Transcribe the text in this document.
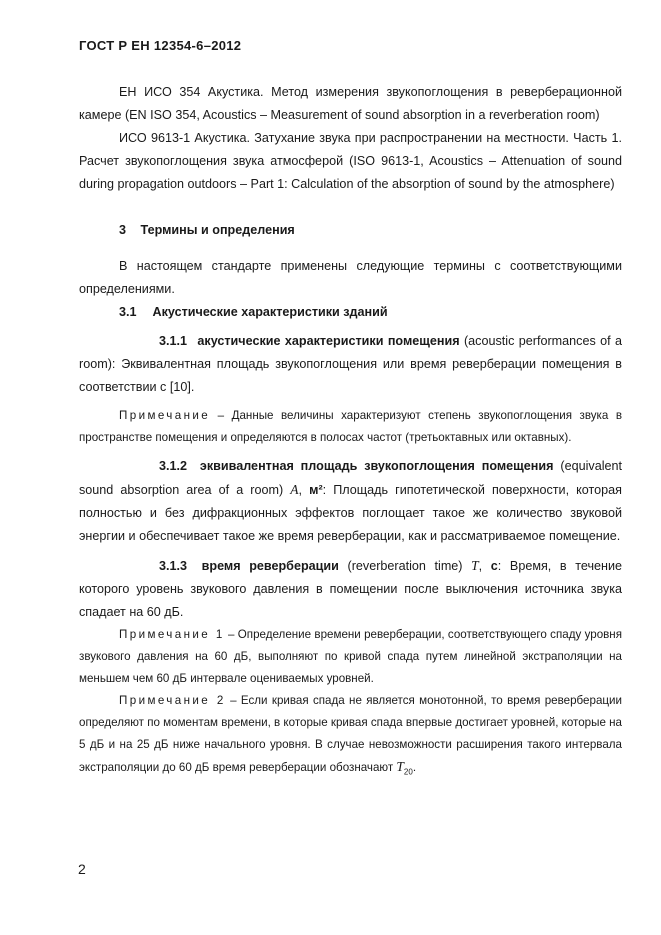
ГОСТ Р ЕН 12354-6–2012

ЕН ИСО 354 Акустика. Метод измерения звукопоглощения в реверберационной камере (EN ISO 354, Acoustics – Measurement of sound absorption in a reverberation room)

ИСО 9613-1 Акустика. Затухание звука при распространении на местности. Часть 1. Расчет звукопоглощения звука атмосферой (ISO 9613-1, Acoustics – Attenuation of sound during propagation outdoors – Part 1: Calculation of the absorption of sound by the atmosphere)

3 Термины и определения

В настоящем стандарте применены следующие термины с соответствующими определениями.

3.1 Акустические характеристики зданий

3.1.1 акустические характеристики помещения (acoustic performances of a room): Эквивалентная площадь звукопоглощения или время реверберации помещения в соответствии с [10].

Примечание – Данные величины характеризуют степень звукопоглощения звука в пространстве помещения и определяются в полосах частот (третьоктавных или октавных).

3.1.2 эквивалентная площадь звукопоглощения помещения (equivalent sound absorption area of a room) A, м²: Площадь гипотетической поверхности, которая полностью и без дифракционных эффектов поглощает такое же количество звуковой энергии и обеспечивает такое же время реверберации, как и рассматриваемое помещение.

3.1.3 время реверберации (reverberation time) T, с: Время, в течение которого уровень звукового давления в помещении после выключения источника звука спадает на 60 дБ.

Примечание 1 – Определение времени реверберации, соответствующего спаду уровня звукового давления на 60 дБ, выполняют по кривой спада путем линейной экстраполяции на меньшем чем 60 дБ интервале оцениваемых уровней.

Примечание 2 – Если кривая спада не является монотонной, то время реверберации определяют по моментам времени, в которые кривая спада впервые достигает уровней, которые на 5 дБ и на 25 дБ ниже начального уровня. В случае невозможности расширения такого интервала экстраполяции до 60 дБ время реверберации обозначают $T_{20}$.

2
